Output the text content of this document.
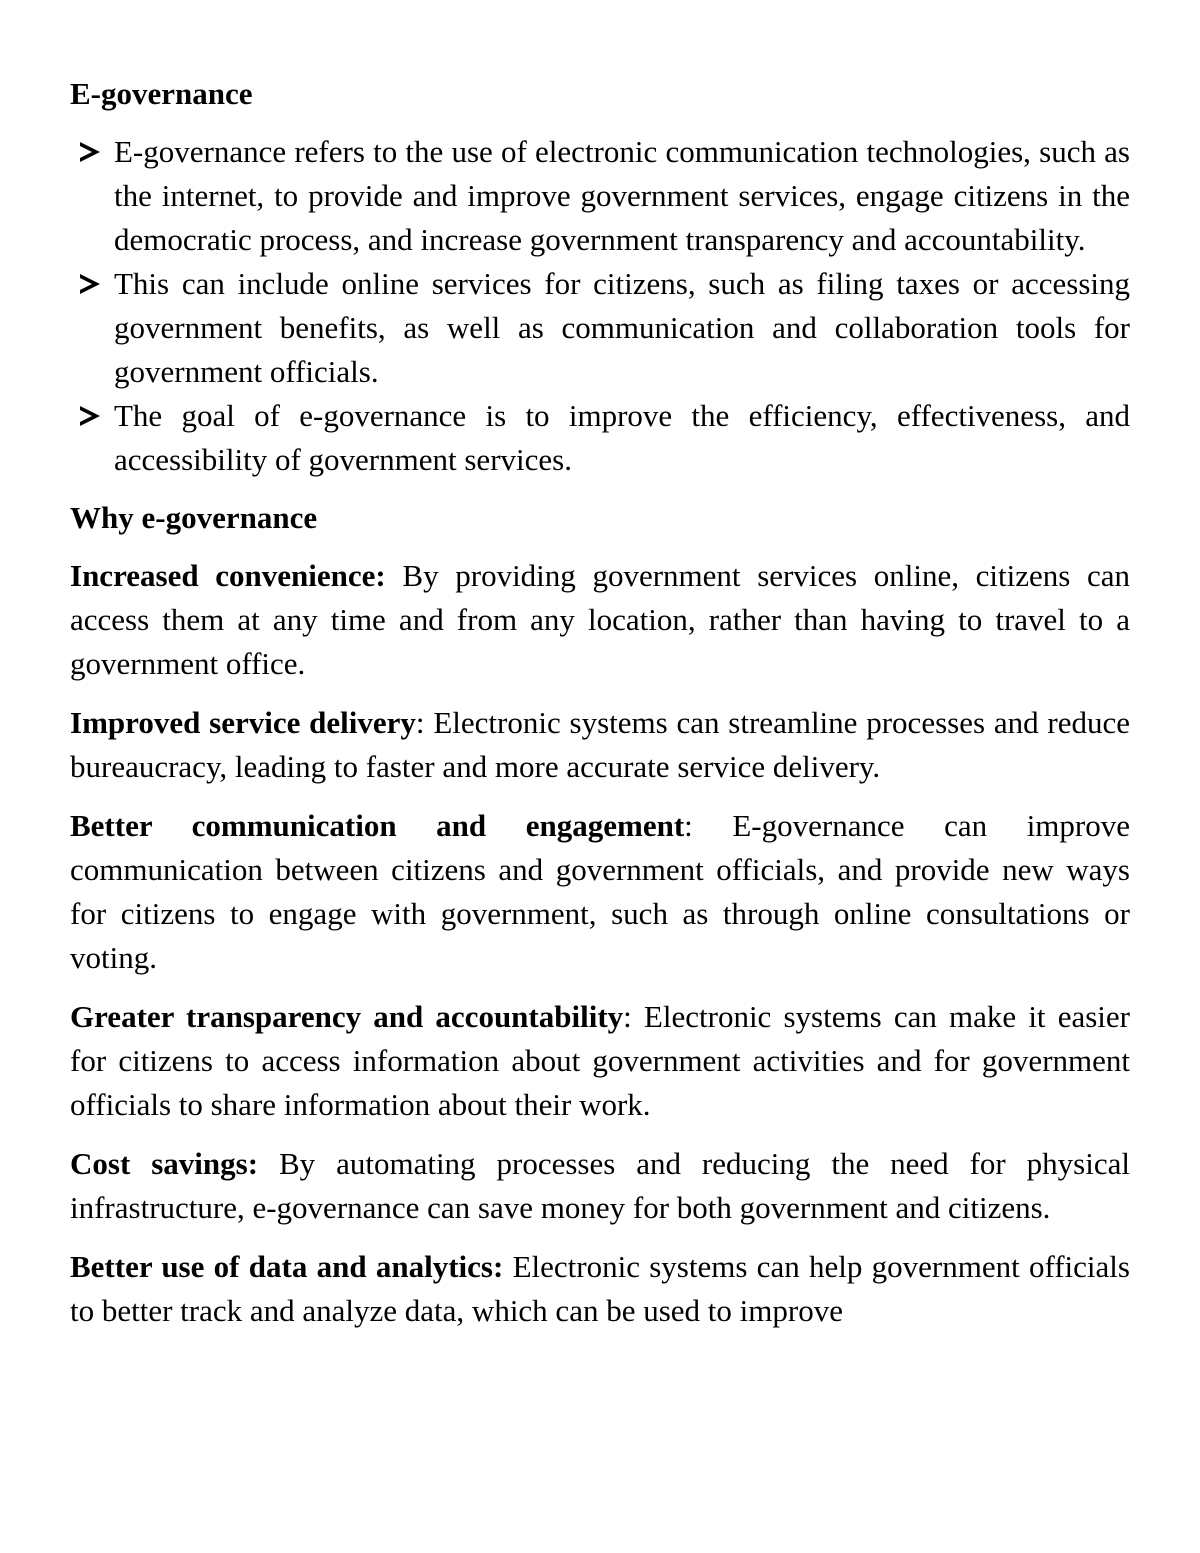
E-governance
E-governance refers to the use of electronic communication technologies, such as the internet, to provide and improve government services, engage citizens in the democratic process, and increase government transparency and accountability.
This can include online services for citizens, such as filing taxes or accessing government benefits, as well as communication and collaboration tools for government officials.
The goal of e-governance is to improve the efficiency, effectiveness, and accessibility of government services.
Why e-governance

Increased convenience: By providing government services online, citizens can access them at any time and from any location, rather than having to travel to a government office.

Improved service delivery: Electronic systems can streamline processes and reduce bureaucracy, leading to faster and more accurate service delivery.

Better communication and engagement: E-governance can improve communication between citizens and government officials, and provide new ways for citizens to engage with government, such as through online consultations or voting.

Greater transparency and accountability: Electronic systems can make it easier for citizens to access information about government activities and for government officials to share information about their work.

Cost savings: By automating processes and reducing the need for physical infrastructure, e-governance can save money for both government and citizens.

Better use of data and analytics: Electronic systems can help government officials to better track and analyze data, which can be used to improve
